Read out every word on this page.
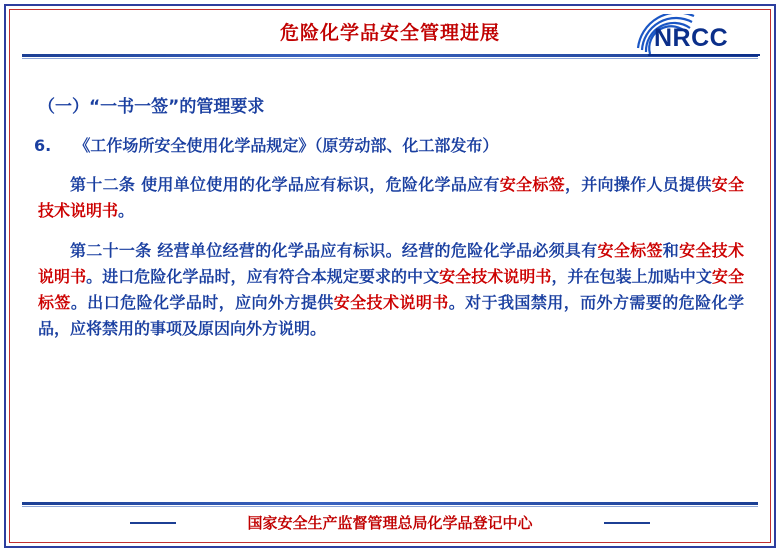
危险化学品安全管理进展	NRCC
（一）“一书一签”的管理要求
6. 《工作场所安全使用化学品规定》（原劳动部、化工部发布）
第十二条 使用单位使用的化学品应有标识，危险化学品应有安全标签，并向操作人员提供安全技术说明书。
第二十一条 经营单位经营的化学品应有标识。经营的危险化学品必须具有安全标签和安全技术说明书。进口危险化学品时，应有符合本规定要求的中文安全技术说明书，并在包装上加贴中文安全标签。出口危险化学品时，应向外方提供安全技术说明书。对于我国禁用，而外方需要的危险化学品，应将禁用的事项及原因向外方说明。
国家安全生产监督管理总局化学品登记中心
